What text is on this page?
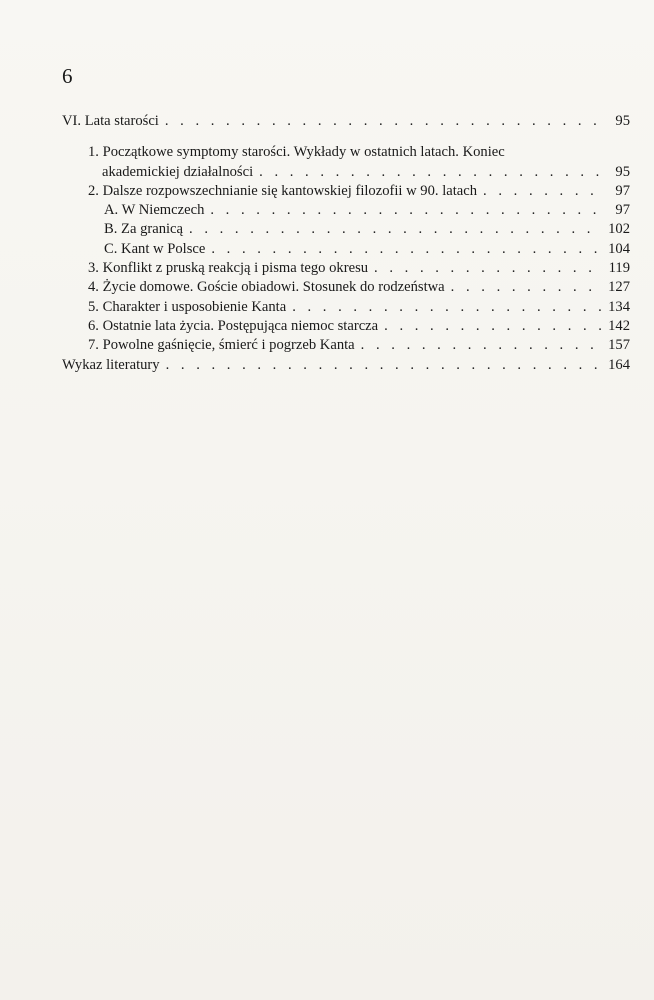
6
VI. Lata starości . . .	95
1. Początkowe symptomy starości. Wykłady w ostatnich latach. Koniec
akademickiej działalności . . .	95
2. Dalsze rozpowszechnianie się kantowskiej filozofii w 90. latach . . .	97
A. W Niemczech . . .	97
B. Za granicą . . .	102
C. Kant w Polsce . . .	104
3. Konflikt z pruską reakcją i pisma tego okresu . . .	119
4. Życie domowe. Goście obiadowi. Stosunek do rodzeństwa . . .	127
5. Charakter i usposobienie Kanta . . .	134
6. Ostatnie lata życia. Postępująca niemoc starcza . . .	142
7. Powolne gaśnięcie, śmierć i pogrzeb Kanta . . .	157
Wykaz literatury . . .	164
